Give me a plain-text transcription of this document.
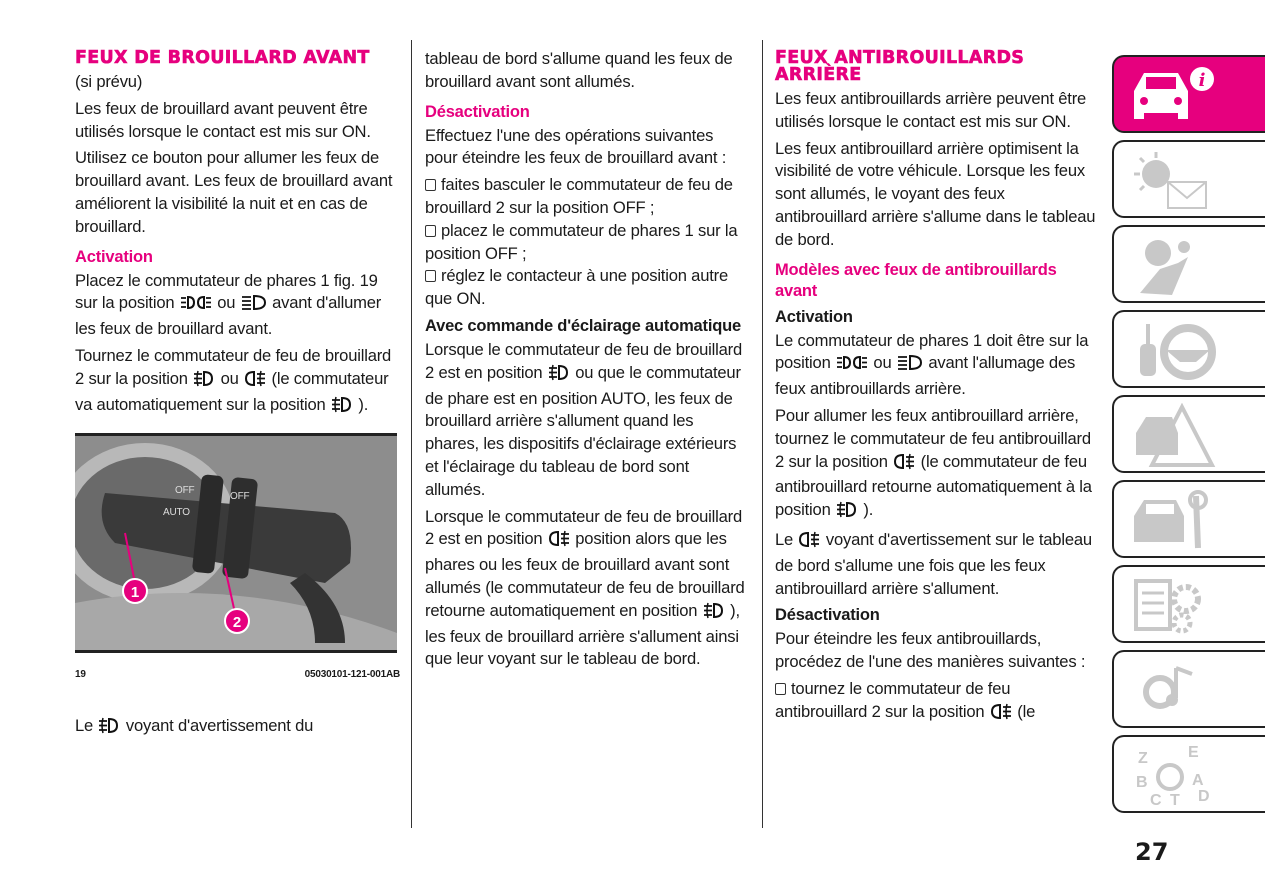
FEUX DE BROUILLARD AVANT
(si prévu)
Les feux de brouillard avant peuvent être utilisés lorsque le contact est mis sur ON.
Utilisez ce bouton pour allumer les feux de brouillard avant. Les feux de brouillard avant améliorent la visibilité la nuit et en cas de brouillard.
Activation
Placez le commutateur de phares 1 fig. 19 sur la position  ou  avant d'allumer les feux de brouillard avant.
Tournez le commutateur de feu de brouillard 2 sur la position  ou  (le commutateur va automatiquement sur la position  ).
OFF
AUTO
OFF
1
2
19	05030101-121-001AB
Le  voyant d'avertissement du
tableau de bord s'allume quand les feux de brouillard avant sont allumés.
Désactivation
Effectuez l'une des opérations suivantes pour éteindre les feux de brouillard avant :
faites basculer le commutateur de feu de brouillard 2 sur la position OFF ;
placez le commutateur de phares 1 sur la position OFF ;
réglez le contacteur à une position autre que ON.
Avec commande d'éclairage automatique
Lorsque le commutateur de feu de brouillard 2 est en position  ou que le commutateur de phare est en position AUTO, les feux de brouillard arrière s'allument quand les phares, les dispositifs d'éclairage extérieurs et l'éclairage du tableau de bord sont allumés.
Lorsque le commutateur de feu de brouillard 2 est en position  position alors que les phares ou les feux de brouillard avant sont allumés (le commutateur de feu de brouillard retourne automatiquement en position  ), les feux de brouillard arrière s'allument ainsi que leur voyant sur le tableau de bord.
FEUX ANTIBROUILLARDS ARRIÈRE
Les feux antibrouillards arrière peuvent être utilisés lorsque le contact est mis sur ON.
Les feux antibrouillard arrière optimisent la visibilité de votre véhicule. Lorsque les feux sont allumés, le voyant des feux antibrouillard arrière s'allume dans le tableau de bord.
Modèles avec feux de antibrouillards avant
Activation
Le commutateur de phares 1 doit être sur la position  ou  avant l'allumage des feux antibrouillards arrière.
Pour allumer les feux antibrouillard arrière, tournez le commutateur de feu antibrouillard 2 sur la position  (le commutateur de feu antibrouillard retourne automatiquement à la position  ).
Le  voyant d'avertissement sur le tableau de bord s'allume une fois que les feux antibrouillard arrière s'allument.
Désactivation
Pour éteindre les feux antibrouillards, procédez de l'une des manières suivantes :
tournez le commutateur de feu antibrouillard 2 sur la position  (le
i
Z	E
B	A
C T D
27
